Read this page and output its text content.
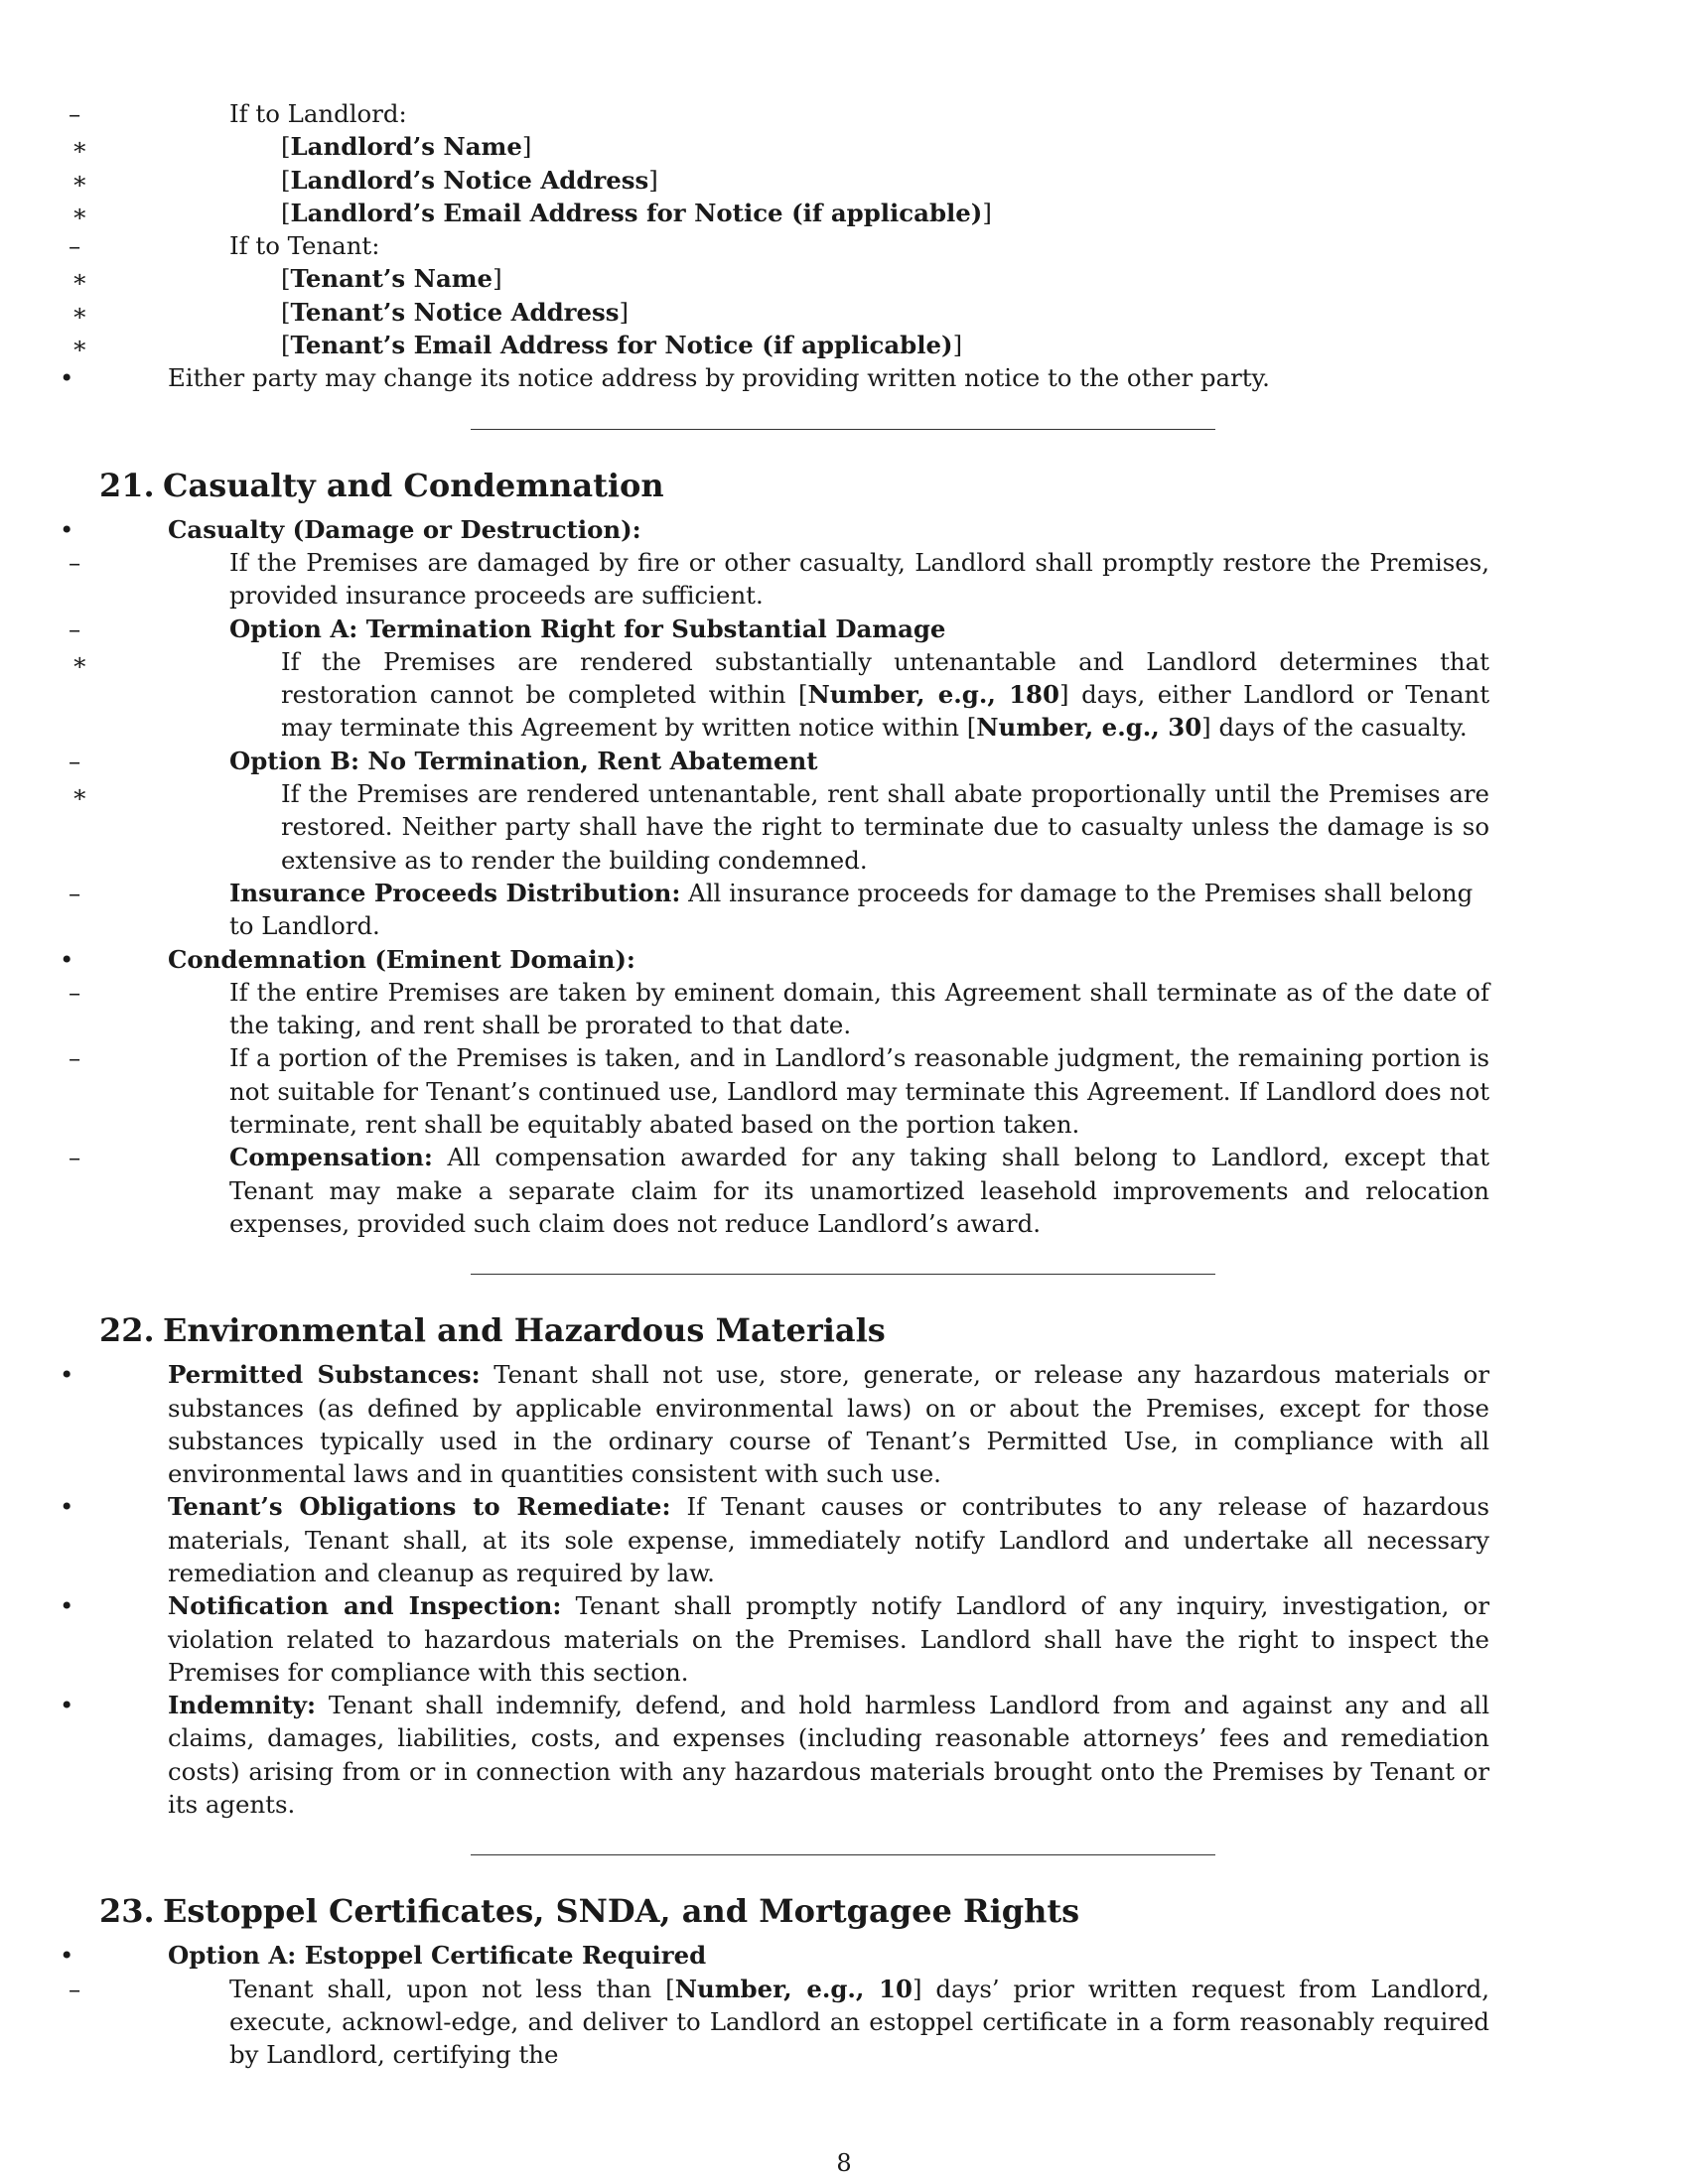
–	If to Landlord:
∗	[Landlord’s Name]
∗	[Landlord’s Notice Address]
∗	[Landlord’s Email Address for Notice (if applicable)]
–	If to Tenant:
∗	[Tenant’s Name]
∗	[Tenant’s Notice Address]
∗	[Tenant’s Email Address for Notice (if applicable)]
•	Either party may change its notice address by providing written notice to the other party.
21. Casualty and Condemnation
•	Casualty (Damage or Destruction):
–	If the Premises are damaged by fire or other casualty, Landlord shall promptly restore the Premises, provided insurance proceeds are sufficient.
–	Option A: Termination Right for Substantial Damage
∗	If the Premises are rendered substantially untenantable and Landlord determines that restoration cannot be completed within [Number, e.g., 180] days, either Landlord or Tenant may terminate this Agreement by written notice within [Number, e.g., 30] days of the casualty.
–	Option B: No Termination, Rent Abatement
∗	If the Premises are rendered untenantable, rent shall abate proportionally until the Premises are restored. Neither party shall have the right to terminate due to casualty unless the damage is so extensive as to render the building condemned.
–	Insurance Proceeds Distribution: All insurance proceeds for damage to the Premises shall belong to Landlord.
•	Condemnation (Eminent Domain):
–	If the entire Premises are taken by eminent domain, this Agreement shall terminate as of the date of the taking, and rent shall be prorated to that date.
–	If a portion of the Premises is taken, and in Landlord’s reasonable judgment, the remaining portion is not suitable for Tenant’s continued use, Landlord may terminate this Agreement. If Landlord does not terminate, rent shall be equitably abated based on the portion taken.
–	Compensation: All compensation awarded for any taking shall belong to Landlord, except that Tenant may make a separate claim for its unamortized leasehold improvements and relocation expenses, provided such claim does not reduce Landlord’s award.
22. Environmental and Hazardous Materials
•	Permitted Substances: Tenant shall not use, store, generate, or release any hazardous materials or substances (as defined by applicable environmental laws) on or about the Premises, except for those substances typically used in the ordinary course of Tenant’s Permitted Use, in compliance with all environmental laws and in quantities consistent with such use.
•	Tenant’s Obligations to Remediate: If Tenant causes or contributes to any release of hazardous materials, Tenant shall, at its sole expense, immediately notify Landlord and undertake all necessary remediation and cleanup as required by law.
•	Notification and Inspection: Tenant shall promptly notify Landlord of any inquiry, investigation, or violation related to hazardous materials on the Premises. Landlord shall have the right to inspect the Premises for compliance with this section.
•	Indemnity: Tenant shall indemnify, defend, and hold harmless Landlord from and against any and all claims, damages, liabilities, costs, and expenses (including reasonable attorneys’ fees and remediation costs) arising from or in connection with any hazardous materials brought onto the Premises by Tenant or its agents.
23. Estoppel Certificates, SNDA, and Mortgagee Rights
•	Option A: Estoppel Certificate Required
–	Tenant shall, upon not less than [Number, e.g., 10] days’ prior written request from Landlord, execute, acknowl-edge, and deliver to Landlord an estoppel certificate in a form reasonably required by Landlord, certifying the
8
